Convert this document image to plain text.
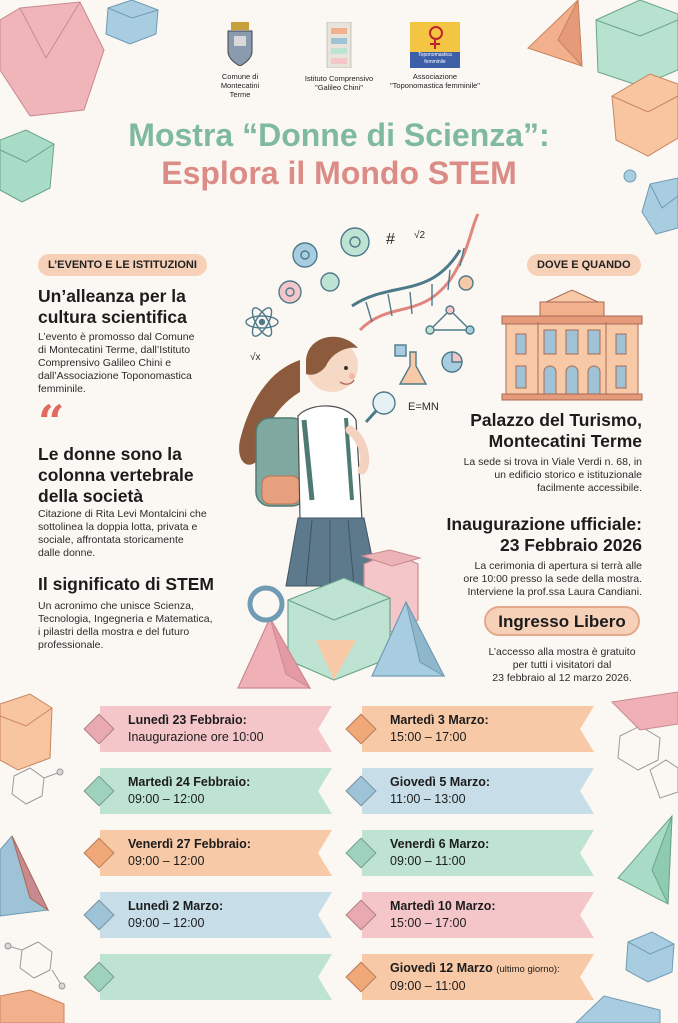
# √2
√x
E=MN
Comune di
Montecatini Terme
Istituto Comprensivo
"Galileo Chini"
Toponomastica femminile
Associazione
"Toponomastica femminile"
Mostra “Donne di Scienza”:
Esplora il Mondo STEM
L’EVENTO E LE ISTITUZIONI
Un’alleanza per la
cultura scientifica
L’evento è promosso dal Comune
di Montecatini Terme, dall’Istituto
Comprensivo Galileo Chini e
dall’Associazione Toponomastica
femminile.
“
Le donne sono la
colonna vertebrale
della società
Citazione di Rita Levi Montalcini che
sottolinea la doppia lotta, privata e
sociale, affrontata storicamente
dalle donne.
Il significato di STEM
Un acronimo che unisce Scienza,
Tecnologia, Ingegneria e Matematica,
i pilastri della mostra e del futuro
professionale.
DOVE E QUANDO
Palazzo del Turismo,
Montecatini Terme
La sede si trova in Viale Verdi n. 68, in
un edificio storico e istituzionale
facilmente accessibile.
Inaugurazione ufficiale:
23 Febbraio 2026
La cerimonia di apertura si terrà alle
ore 10:00 presso la sede della mostra.
Interviene la prof.ssa Laura Candiani.
Ingresso Libero
L’accesso alla mostra è gratuito
per tutti i visitatori dal
23 febbraio al 12 marzo 2026.
Lunedì 23 Febbraio:
Inaugurazione ore 10:00
Martedì 24 Febbraio:
09:00 – 12:00
Venerdì 27 Febbraio:
09:00 – 12:00
Lunedì 2 Marzo:
09:00 – 12:00
Martedì 3 Marzo:
15:00 – 17:00
Giovedì 5 Marzo:
11:00 – 13:00
Venerdì 6 Marzo:
09:00 – 11:00
Martedì 10 Marzo:
15:00 – 17:00
Giovedì 12 Marzo (ultimo giorno):
09:00 – 11:00
